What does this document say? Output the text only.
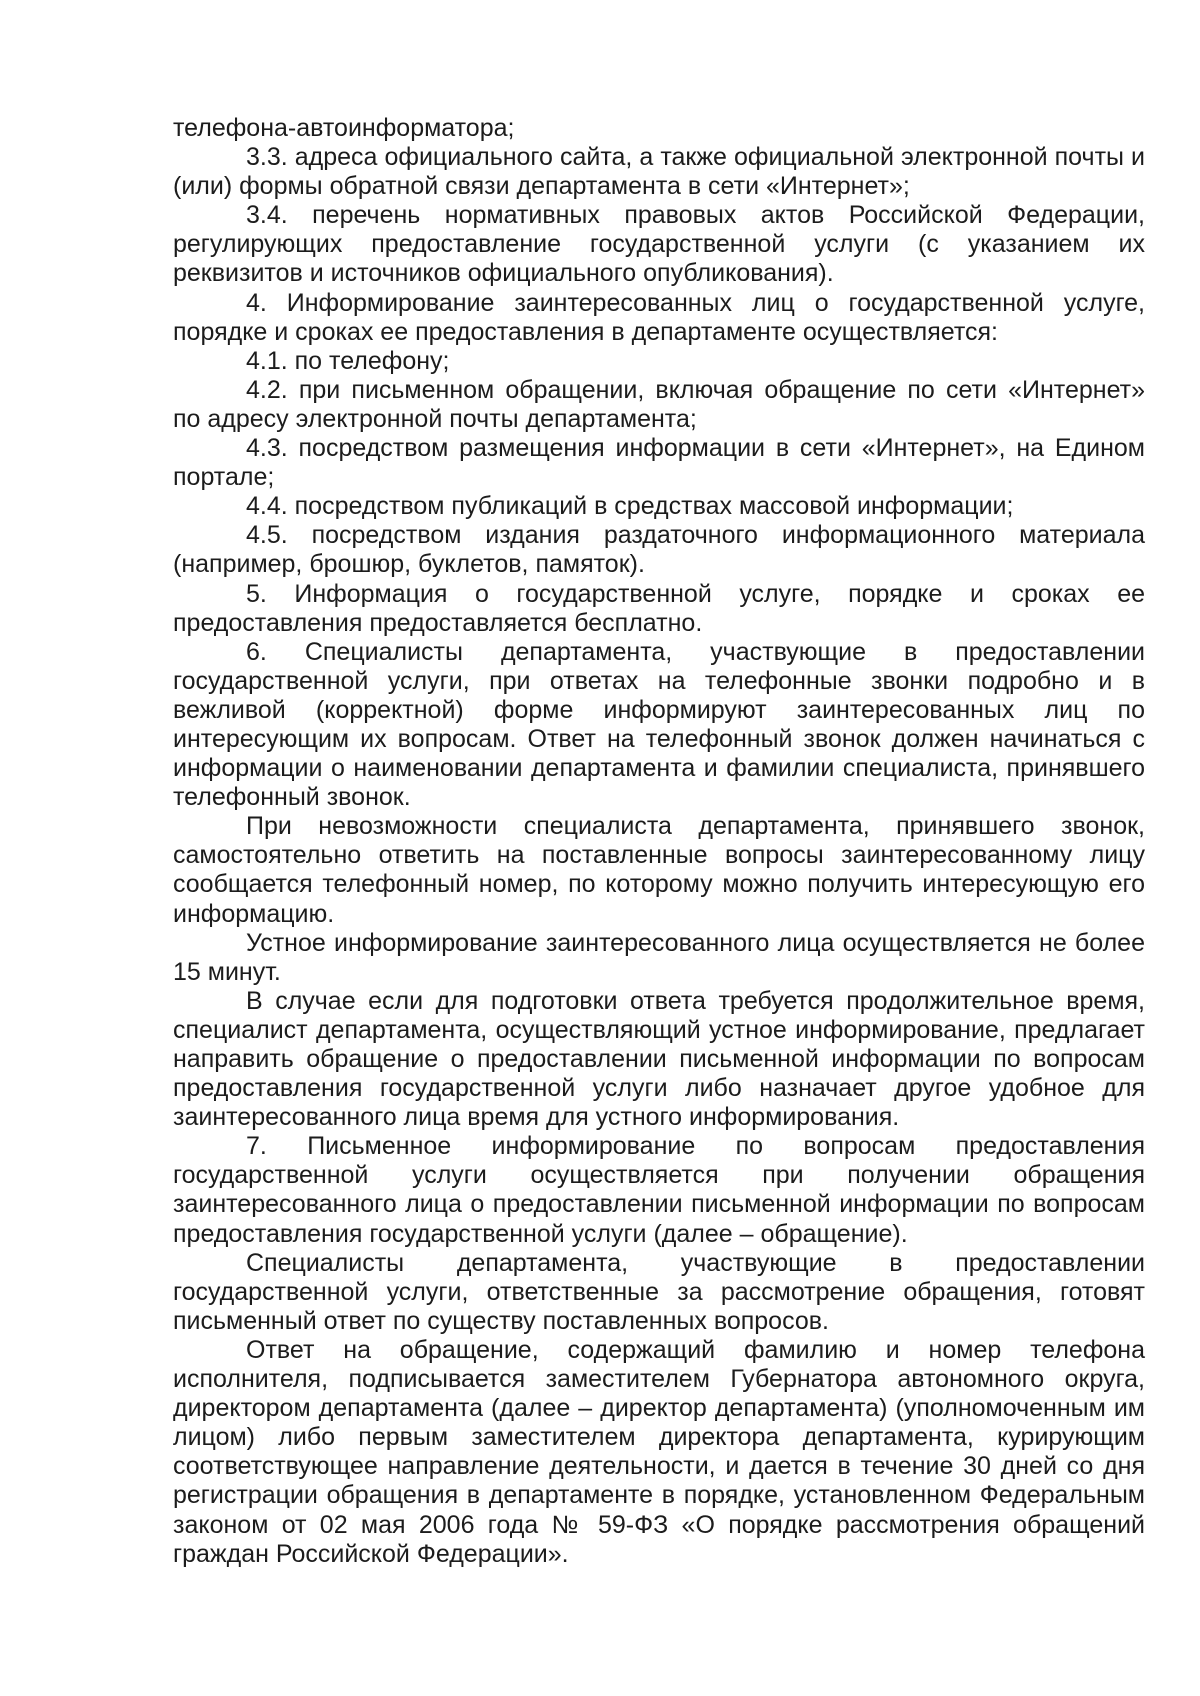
телефона-автоинформатора;

3.3. адреса официального сайта, а также официальной электронной почты и (или) формы обратной связи департамента в сети «Интернет»;

3.4. перечень нормативных правовых актов Российской Федерации, регулирующих предоставление государственной услуги (с указанием их реквизитов и источников официального опубликования).

4. Информирование заинтересованных лиц о государственной услуге, порядке и сроках ее предоставления в департаменте осуществляется:

4.1. по телефону;

4.2. при письменном обращении, включая обращение по сети «Интернет» по адресу электронной почты департамента;

4.3. посредством размещения информации в сети «Интернет», на Едином портале;

4.4. посредством публикаций в средствах массовой информации;

4.5. посредством издания раздаточного информационного материала (например, брошюр, буклетов, памяток).

5. Информация о государственной услуге, порядке и сроках ее предоставления предоставляется бесплатно.

6. Специалисты департамента, участвующие в предоставлении государственной услуги, при ответах на телефонные звонки подробно и в вежливой (корректной) форме информируют заинтересованных лиц по интересующим их вопросам. Ответ на телефонный звонок должен начинаться с информации о наименовании департамента и фамилии специалиста, принявшего телефонный звонок.

При невозможности специалиста департамента, принявшего звонок, самостоятельно ответить на поставленные вопросы заинтересованному лицу сообщается телефонный номер, по которому можно получить интересующую его информацию.

Устное информирование заинтересованного лица осуществляется не более 15 минут.

В случае если для подготовки ответа требуется продолжительное время, специалист департамента, осуществляющий устное информирование, предлагает направить обращение о предоставлении письменной информации по вопросам предоставления государственной услуги либо назначает другое удобное для заинтересованного лица время для устного информирования.

7. Письменное информирование по вопросам предоставления государственной услуги осуществляется при получении обращения заинтересованного лица о предоставлении письменной информации по вопросам предоставления государственной услуги (далее – обращение).

Специалисты департамента, участвующие в предоставлении государственной услуги, ответственные за рассмотрение обращения, готовят письменный ответ по существу поставленных вопросов.

Ответ на обращение, содержащий фамилию и номер телефона исполнителя, подписывается заместителем Губернатора автономного округа, директором департамента (далее – директор департамента) (уполномоченным им лицом) либо первым заместителем директора департамента, курирующим соответствующее направление деятельности, и дается в течение 30 дней со дня регистрации обращения в департаменте в порядке, установленном Федеральным законом от 02 мая 2006 года № 59-ФЗ «О порядке рассмотрения обращений граждан Российской Федерации».
